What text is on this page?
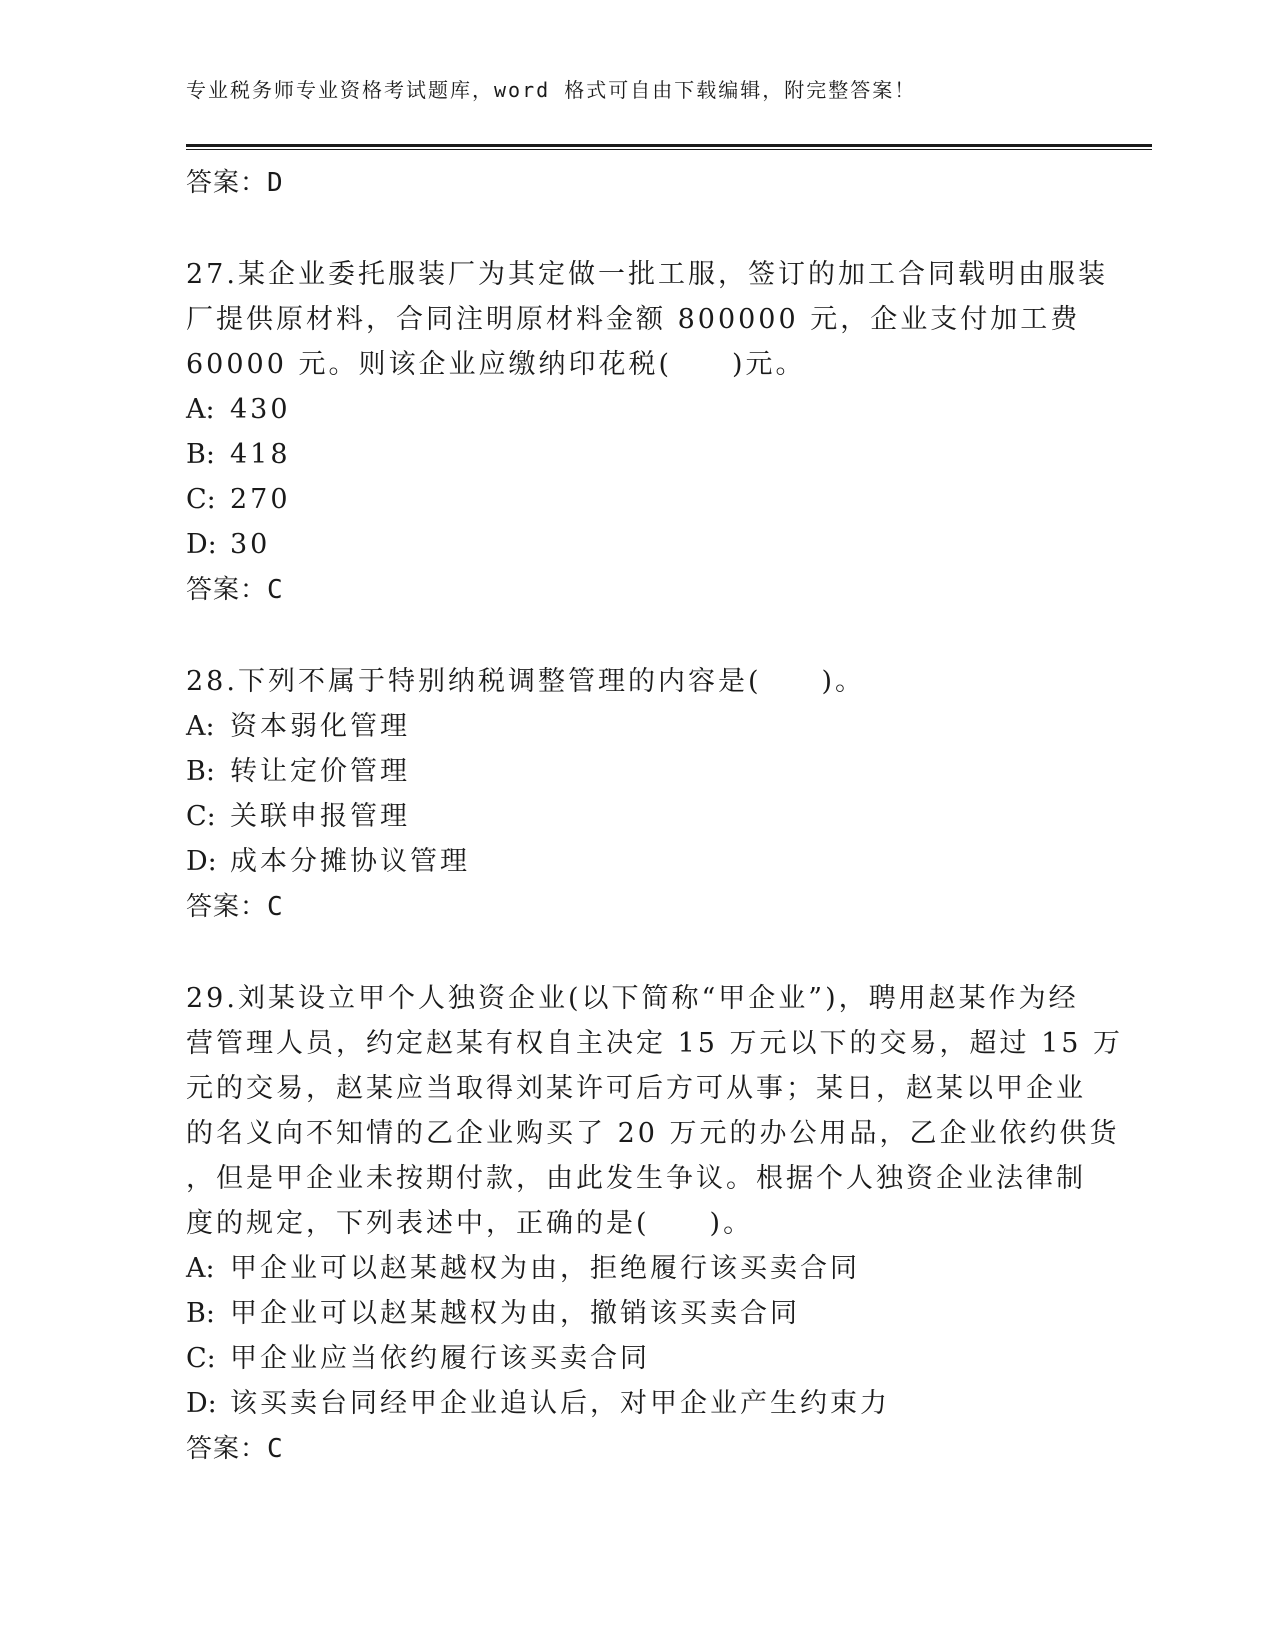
专业税务师专业资格考试题库，word 格式可自由下载编辑，附完整答案！
答案：D

27.某企业委托服装厂为其定做一批工服，签订的加工合同载明由服装

厂提供原材料，合同注明原材料金额 800000 元，企业支付加工费

60000 元。则该企业应缴纳印花税(　　)元。

A: 430
B: 418
C: 270
D: 30
答案：C

28.下列不属于特别纳税调整管理的内容是(　　)。

A: 资本弱化管理
B: 转让定价管理
C: 关联申报管理
D: 成本分摊协议管理
答案：C

29.刘某设立甲个人独资企业(以下简称“甲企业”)，聘用赵某作为经

营管理人员，约定赵某有权自主决定 15 万元以下的交易，超过 15 万

元的交易，赵某应当取得刘某许可后方可从事；某日，赵某以甲企业

的名义向不知情的乙企业购买了 20 万元的办公用品，乙企业依约供货

，但是甲企业未按期付款，由此发生争议。根据个人独资企业法律制

度的规定，下列表述中，正确的是(　　)。

A: 甲企业可以赵某越权为由，拒绝履行该买卖合同
B: 甲企业可以赵某越权为由，撤销该买卖合同
C: 甲企业应当依约履行该买卖合同
D: 该买卖台同经甲企业追认后，对甲企业产生约束力
答案：C
